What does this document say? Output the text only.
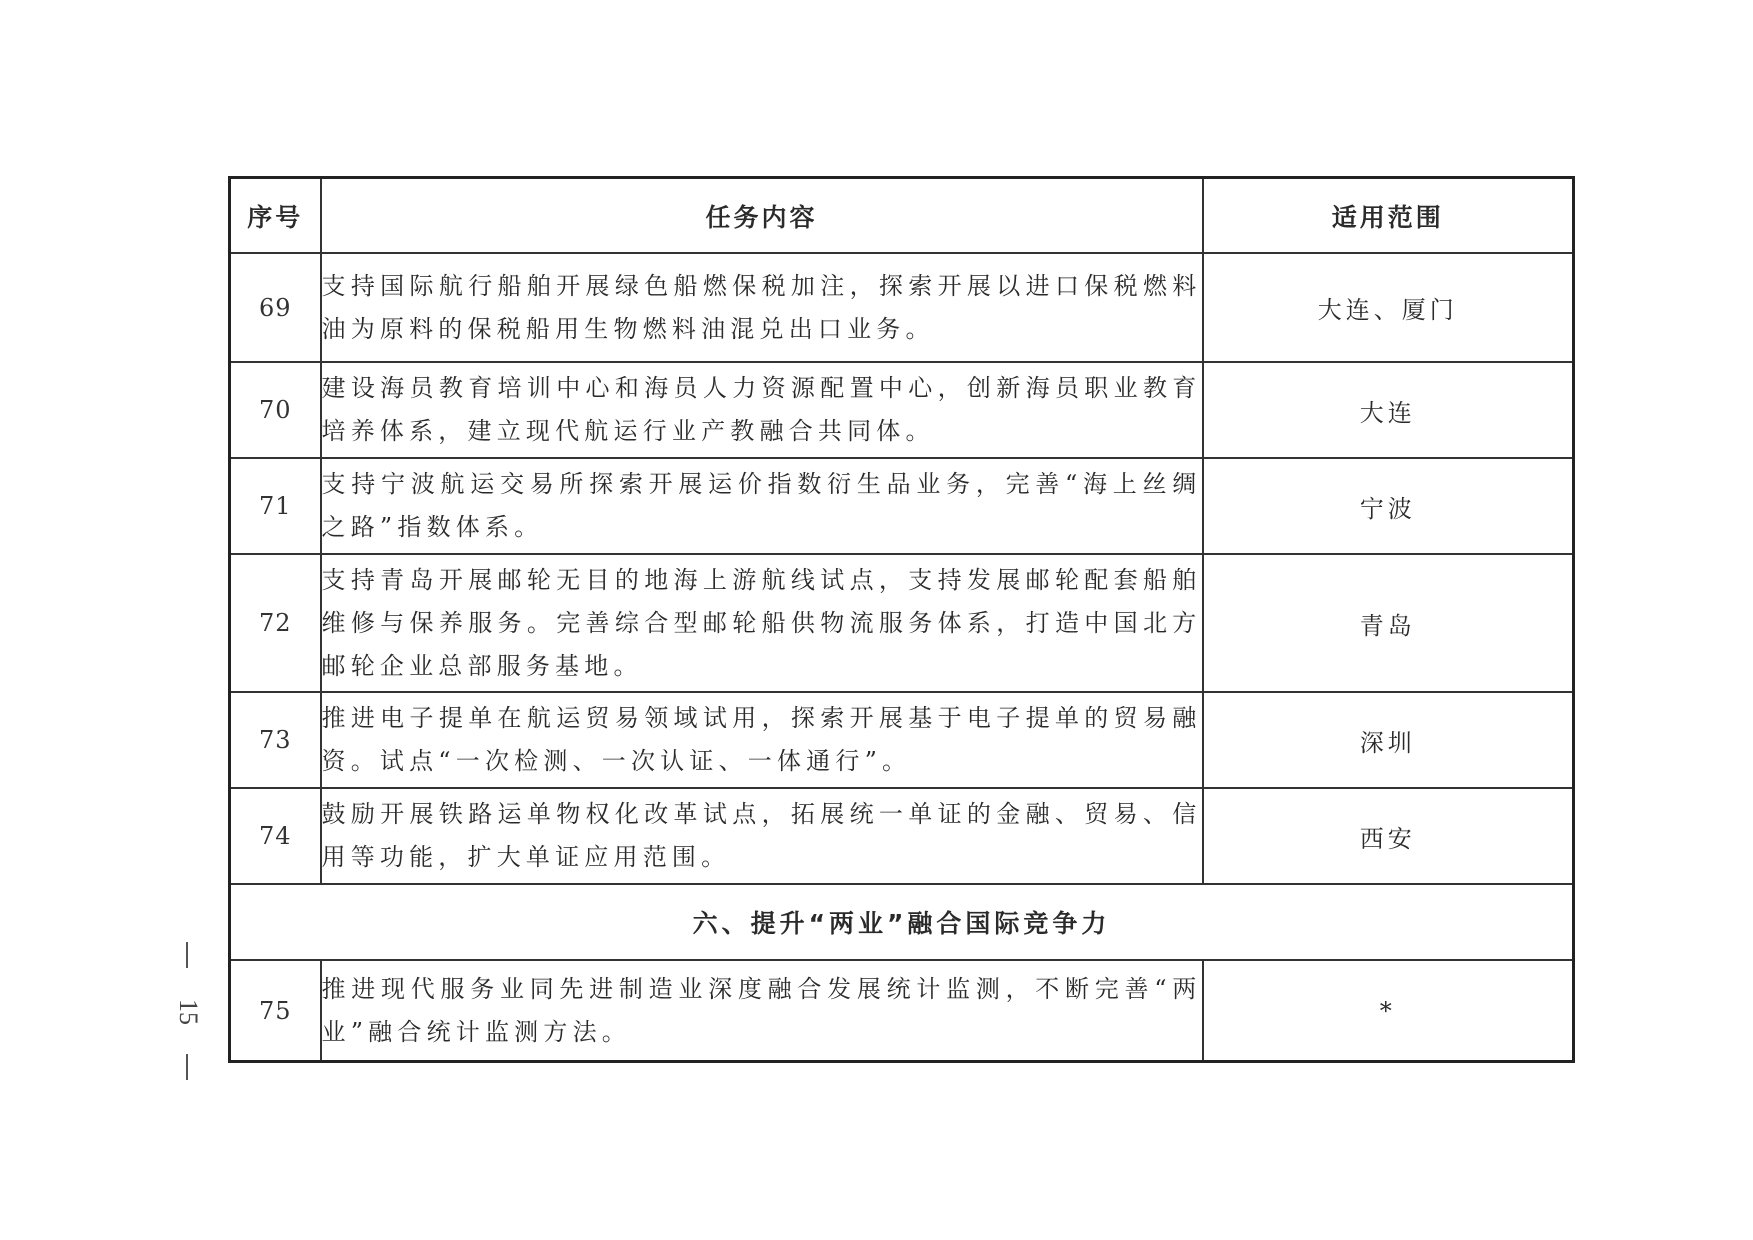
序号	任务内容	适用范围
69	支持国际航行船舶开展绿色船燃保税加注，探索开展以进口保税燃料油为原料的保税船用生物燃料油混兑出口业务。	大连、厦门
70	建设海员教育培训中心和海员人力资源配置中心，创新海员职业教育培养体系，建立现代航运行业产教融合共同体。	大连
71	支持宁波航运交易所探索开展运价指数衍生品业务，完善“海上丝绸之路”指数体系。	宁波
72	支持青岛开展邮轮无目的地海上游航线试点，支持发展邮轮配套船舶维修与保养服务。完善综合型邮轮船供物流服务体系，打造中国北方邮轮企业总部服务基地。	青岛
73	推进电子提单在航运贸易领域试用，探索开展基于电子提单的贸易融资。试点“一次检测、一次认证、一体通行”。	深圳
74	鼓励开展铁路运单物权化改革试点，拓展统一单证的金融、贸易、信用等功能，扩大单证应用范围。	西安
六、提升“两业”融合国际竞争力		
75	推进现代服务业同先进制造业深度融合发展统计监测，不断完善“两业”融合统计监测方法。	*
15
